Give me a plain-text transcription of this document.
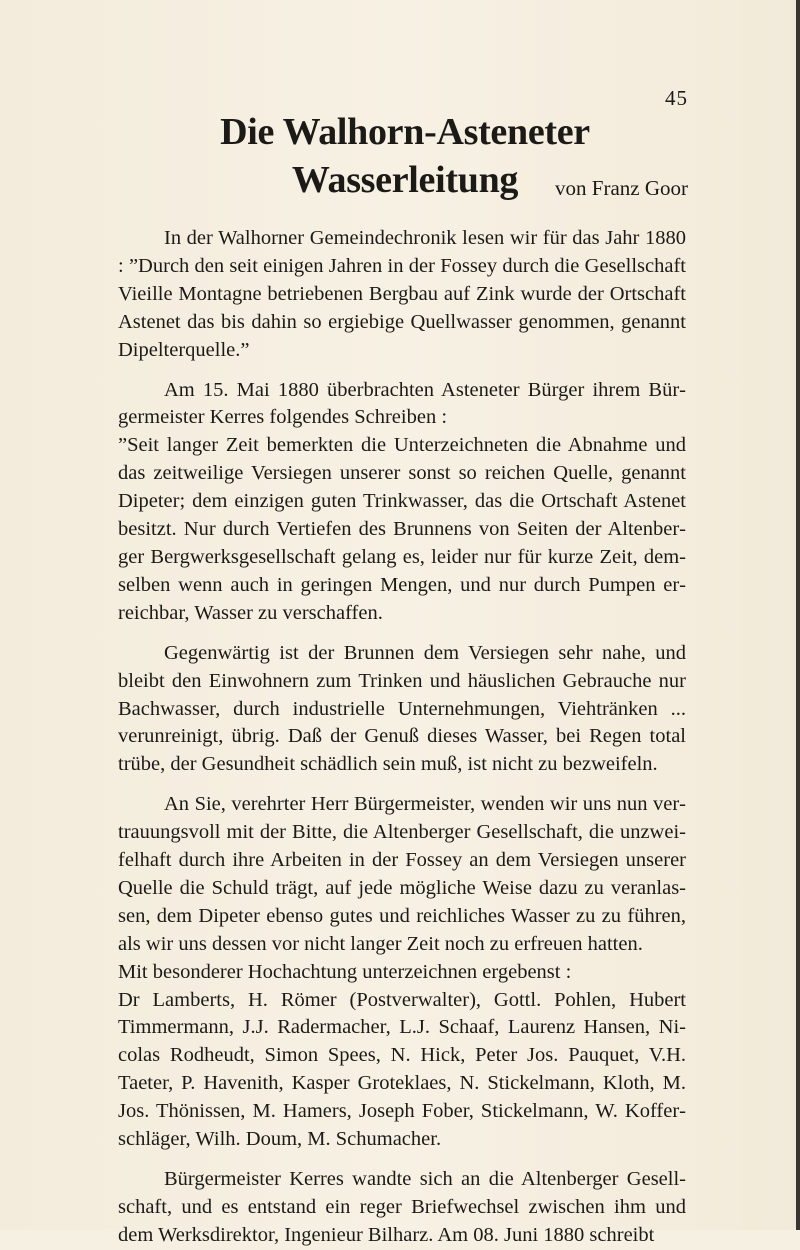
45
Die Walhorn-Asteneter Wasserleitung	von Franz Goor

In der Walhorner Gemeindechronik lesen wir für das Jahr 1880 : ”Durch den seit einigen Jahren in der Fossey durch die Gesellschaft Vieille Montagne betriebenen Bergbau auf Zink wurde der Ortschaft Astenet das bis dahin so ergiebige Quellwasser genommen, genannt Dipelterquelle.”

Am 15. Mai 1880 überbrachten Asteneter Bürger ihrem Bürgermeister Kerres folgendes Schreiben :

”Seit langer Zeit bemerkten die Unterzeichneten die Abnahme und das zeitweilige Versiegen unserer sonst so reichen Quelle, genannt Dipeter; dem einzigen guten Trinkwasser, das die Ortschaft Astenet besitzt. Nur durch Vertiefen des Brunnens von Seiten der Altenberger Bergwerksgesellschaft gelang es, leider nur für kurze Zeit, demselben wenn auch in geringen Mengen, und nur durch Pumpen erreichbar, Wasser zu verschaffen.

Gegenwärtig ist der Brunnen dem Versiegen sehr nahe, und bleibt den Einwohnern zum Trinken und häuslichen Gebrauche nur Bachwasser, durch industrielle Unternehmungen, Viehtränken ... verunreinigt, übrig. Daß der Genuß dieses Wasser, bei Regen total trübe, der Gesundheit schädlich sein muß, ist nicht zu bezweifeln.

An Sie, verehrter Herr Bürgermeister, wenden wir uns nun vertrauungsvoll mit der Bitte, die Altenberger Gesellschaft, die unzweifelhaft durch ihre Arbeiten in der Fossey an dem Versiegen unserer Quelle die Schuld trägt, auf jede mögliche Weise dazu zu veranlassen, dem Dipeter ebenso gutes und reichliches Wasser zu zu führen, als wir uns dessen vor nicht langer Zeit noch zu erfreuen hatten.

Mit besonderer Hochachtung unterzeichnen ergebenst :

Dr Lamberts, H. Römer (Postverwalter), Gottl. Pohlen, Hubert Timmermann, J.J. Radermacher, L.J. Schaaf, Laurenz Hansen, Nicolas Rodheudt, Simon Spees, N. Hick, Peter Jos. Pauquet, V.H. Taeter, P. Havenith, Kasper Groteklaes, N. Stickelmann, Kloth, M. Jos. Thönissen, M. Hamers, Joseph Fober, Stickelmann, W. Kofferschläger, Wilh. Doum, M. Schumacher.

Bürgermeister Kerres wandte sich an die Altenberger Gesellschaft, und es entstand ein reger Briefwechsel zwischen ihm und dem Werksdirektor, Ingenieur Bilharz. Am 08. Juni 1880 schreibt
